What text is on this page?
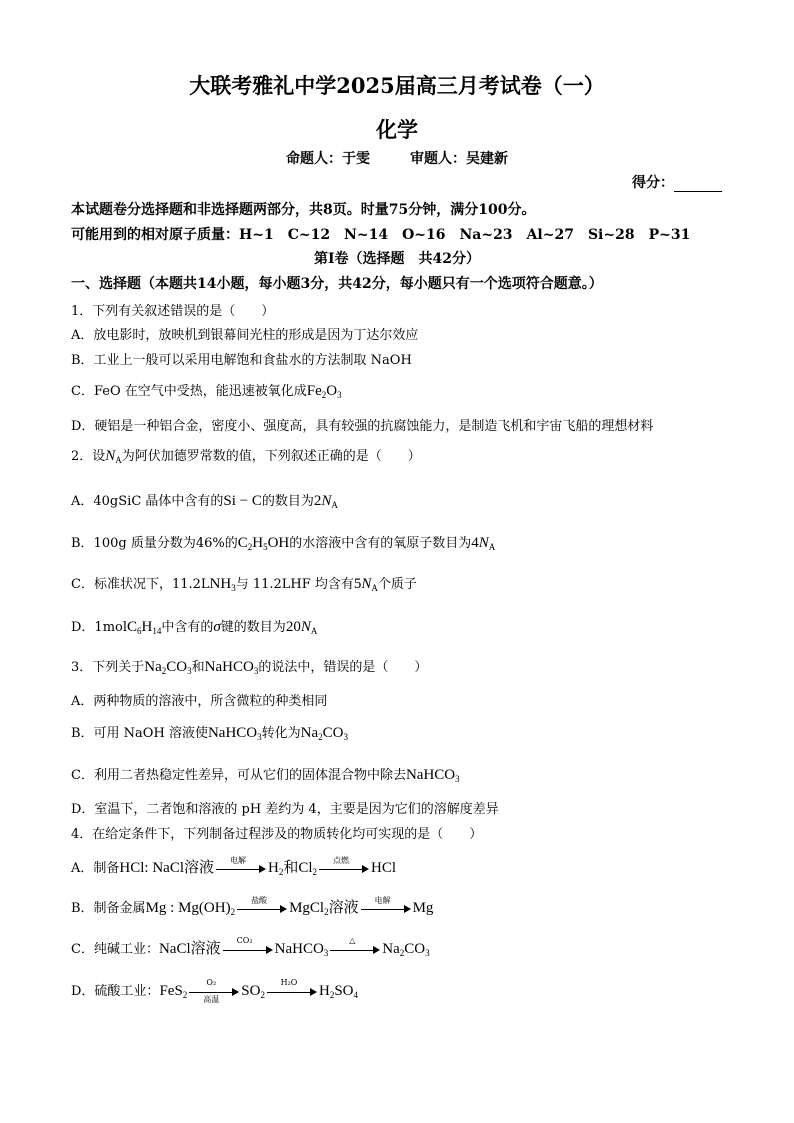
大联考雅礼中学2025届高三月考试卷（一）
化学
命题人：于雯	审题人：吴建新
得分：
本试题卷分选择题和非选择题两部分，共8页。时量75分钟，满分100分。
可能用到的相对原子质量：H~1　C~12　N~14　O~16　Na~23　Al~27　Si~28　P~31
第Ⅰ卷（选择题　共42分）
一、选择题（本题共14小题，每小题3分，共42分，每小题只有一个选项符合题意。）
1．下列有关叙述错误的是（　　）
A．放电影时，放映机到银幕间光柱的形成是因为丁达尔效应
B．工业上一般可以采用电解饱和食盐水的方法制取 NaOH
C．FeO 在空气中受热，能迅速被氧化成$Fe_2O_3$
D．硬铝是一种铝合金，密度小、强度高，具有较强的抗腐蚀能力，是制造飞机和宇宙飞船的理想材料
2．设$N_A$为阿伏加德罗常数的值，下列叙述正确的是（　　）
A．40gSiC 晶体中含有的Si − C的数目为$2N_A$
B．100g 质量分数为46%的$C_2H_5OH$的水溶液中含有的氧原子数目为$4N_A$
C．标准状况下，$11.2LNH_3$与 11.2LHF 均含有$5N_A$个质子
D．$1molC_6H_{14}$中含有的σ键的数目为$20N_A$
3．下列关于$Na_2CO_3$和NaHCO$_3$的说法中，错误的是（　　）
A．两种物质的溶液中，所含微粒的种类相同
B．可用 NaOH 溶液使NaHCO$_3$转化为$Na_2CO_3$
C．利用二者热稳定性差异，可从它们的固体混合物中除去NaHCO$_3$
D．室温下，二者饱和溶液的 pH 差约为 4，主要是因为它们的溶解度差异
4．在给定条件下，下列制备过程涉及的物质转化均可实现的是（　　）
A．制备HCl: NaCl溶液	电解	$H_2$和$Cl_2$
点燃	HCl
B．制备金属Mg : $Mg(OH)_2$
盐酸	MgCl$_2$溶液	电解	Mg
C．纯碱工业：NaCl溶液
CO₂
NaHCO$_3$
△
$Na_2CO_3$
D．硫酸工业：FeS$_2$
O₂
高温	$SO_2$
H₂O
$H_2SO_4$
